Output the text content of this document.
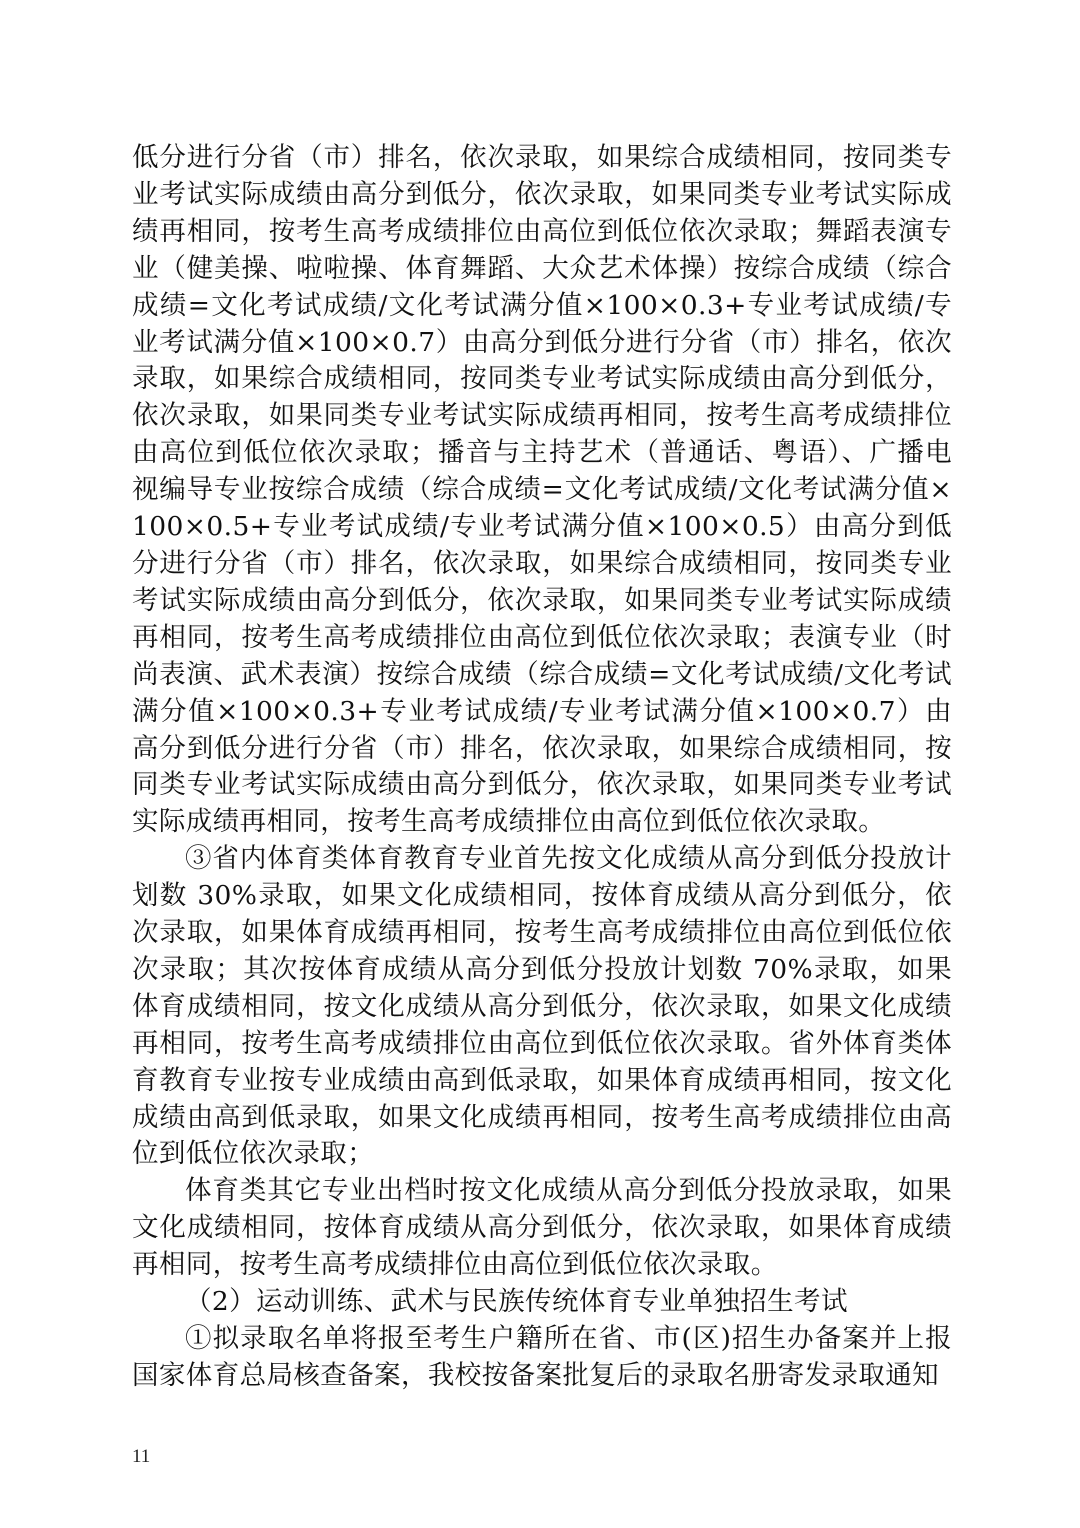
低分进行分省（市）排名，依次录取，如果综合成绩相同，按同类专业考试实际成绩由高分到低分，依次录取，如果同类专业考试实际成绩再相同，按考生高考成绩排位由高位到低位依次录取；舞蹈表演专业（健美操、啦啦操、体育舞蹈、大众艺术体操）按综合成绩（综合成绩=文化考试成绩/文化考试满分值×100×0.3+专业考试成绩/专业考试满分值×100×0.7）由高分到低分进行分省（市）排名，依次录取，如果综合成绩相同，按同类专业考试实际成绩由高分到低分，依次录取，如果同类专业考试实际成绩再相同，按考生高考成绩排位由高位到低位依次录取；播音与主持艺术（普通话、粤语）、广播电视编导专业按综合成绩（综合成绩=文化考试成绩/文化考试满分值×100×0.5+专业考试成绩/专业考试满分值×100×0.5）由高分到低分进行分省（市）排名，依次录取，如果综合成绩相同，按同类专业考试实际成绩由高分到低分，依次录取，如果同类专业考试实际成绩再相同，按考生高考成绩排位由高位到低位依次录取；表演专业（时尚表演、武术表演）按综合成绩（综合成绩=文化考试成绩/文化考试满分值×100×0.3+专业考试成绩/专业考试满分值×100×0.7）由高分到低分进行分省（市）排名，依次录取，如果综合成绩相同，按同类专业考试实际成绩由高分到低分，依次录取，如果同类专业考试实际成绩再相同，按考生高考成绩排位由高位到低位依次录取。

③省内体育类体育教育专业首先按文化成绩从高分到低分投放计划数 30%录取，如果文化成绩相同，按体育成绩从高分到低分，依次录取，如果体育成绩再相同，按考生高考成绩排位由高位到低位依次录取；其次按体育成绩从高分到低分投放计划数 70%录取，如果体育成绩相同，按文化成绩从高分到低分，依次录取，如果文化成绩再相同，按考生高考成绩排位由高位到低位依次录取。省外体育类体育教育专业按专业成绩由高到低录取，如果体育成绩再相同，按文化成绩由高到低录取，如果文化成绩再相同，按考生高考成绩排位由高位到低位依次录取；

体育类其它专业出档时按文化成绩从高分到低分投放录取，如果文化成绩相同，按体育成绩从高分到低分，依次录取，如果体育成绩再相同，按考生高考成绩排位由高位到低位依次录取。

（2）运动训练、武术与民族传统体育专业单独招生考试

①拟录取名单将报至考生户籍所在省、市(区)招生办备案并上报国家体育总局核查备案，我校按备案批复后的录取名册寄发录取通知

11
